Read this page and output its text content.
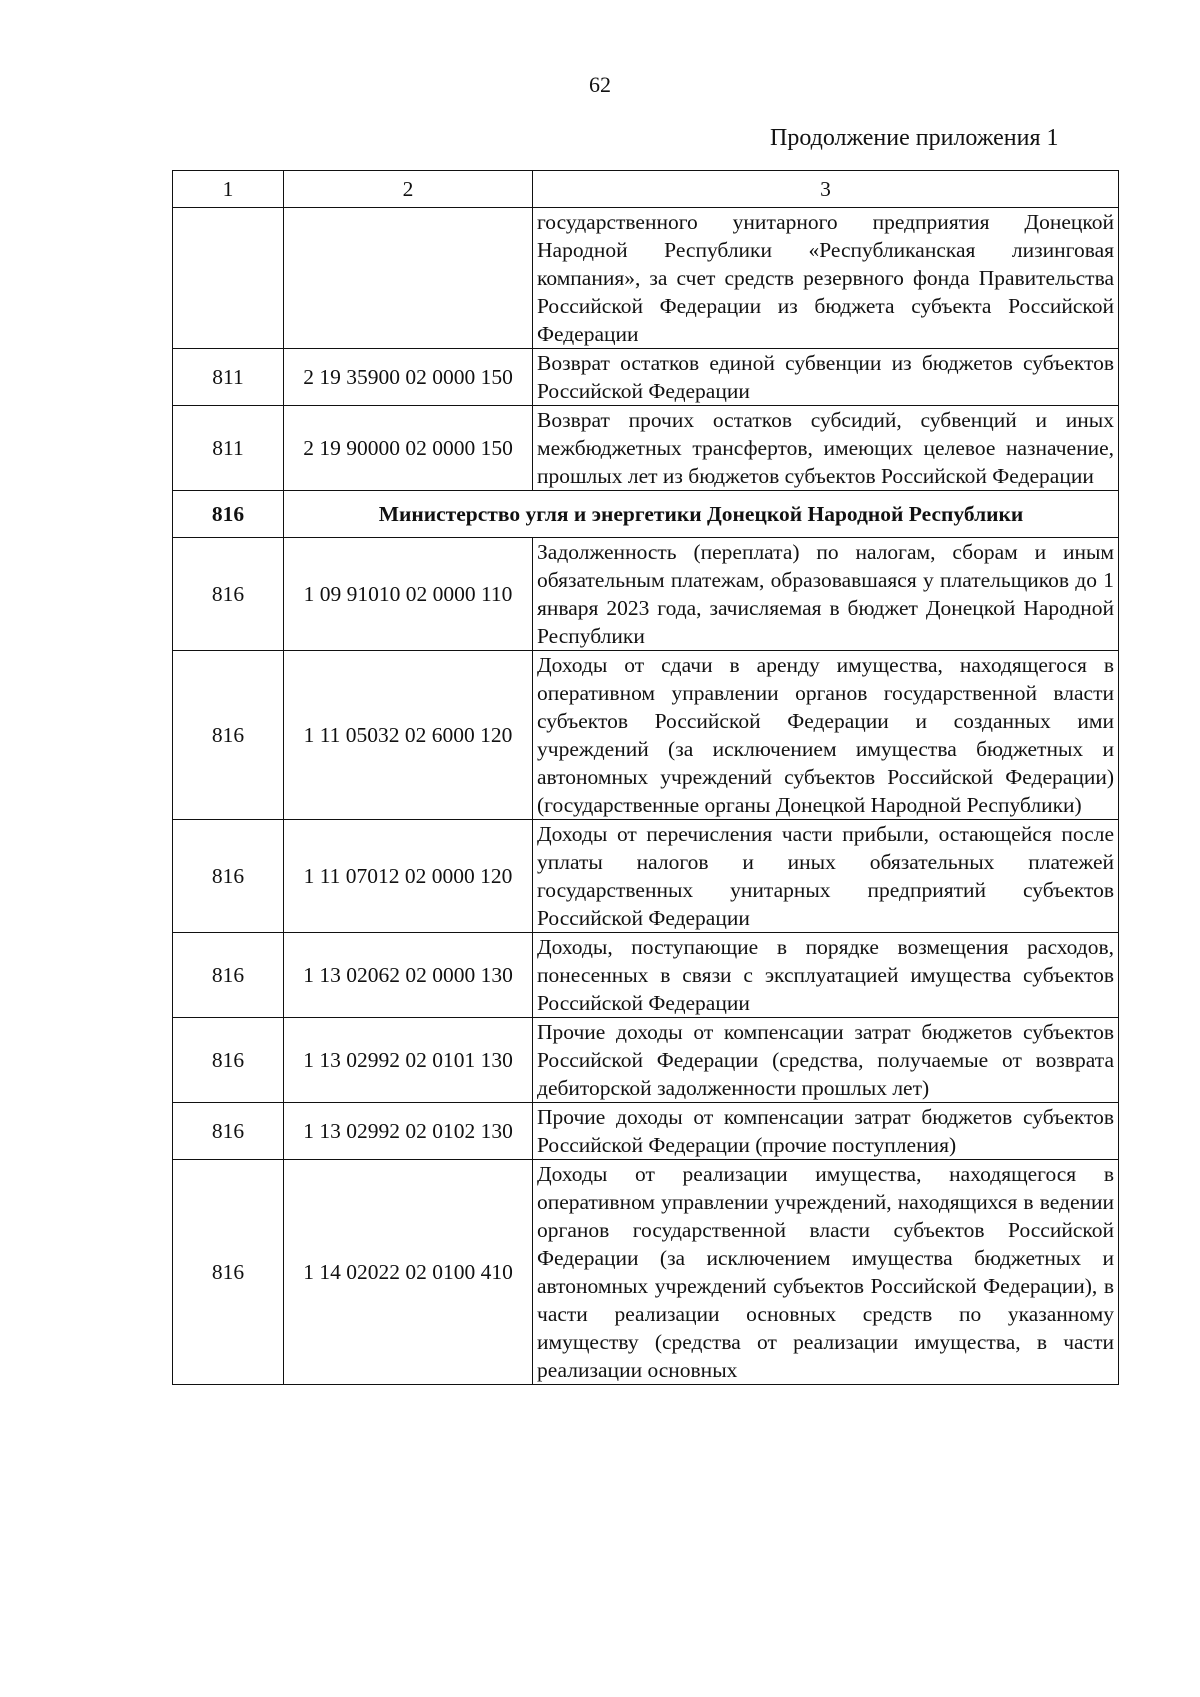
62
Продолжение приложения 1
1	2	3
		государственного унитарного предприятия Донецкой Народной Республики «Республиканская лизинговая компания», за счет средств резервного фонда Правительства Российской Федерации из бюджета субъекта Российской Федерации
811	2 19 35900 02 0000 150	Возврат остатков единой субвенции из бюджетов субъектов Российской Федерации
811	2 19 90000 02 0000 150	Возврат прочих остатков субсидий, субвенций и иных межбюджетных трансфертов, имеющих целевое назначение, прошлых лет из бюджетов субъектов Российской Федерации
816	Министерство угля и энергетики Донецкой Народной Республики	
816	1 09 91010 02 0000 110	Задолженность (переплата) по налогам, сборам и иным обязательным платежам, образовавшаяся у плательщиков до 1 января 2023 года, зачисляемая в бюджет Донецкой Народной Республики
816	1 11 05032 02 6000 120	Доходы от сдачи в аренду имущества, находящегося в оперативном управлении органов государственной власти субъектов Российской Федерации и созданных ими учреждений (за исключением имущества бюджетных и автономных учреждений субъектов Российской Федерации) (государственные органы Донецкой Народной Республики)
816	1 11 07012 02 0000 120	Доходы от перечисления части прибыли, остающейся после уплаты налогов и иных обязательных платежей государственных унитарных предприятий субъектов Российской Федерации
816	1 13 02062 02 0000 130	Доходы, поступающие в порядке возмещения расходов, понесенных в связи с эксплуатацией имущества субъектов Российской Федерации
816	1 13 02992 02 0101 130	Прочие доходы от компенсации затрат бюджетов субъектов Российской Федерации (средства, получаемые от возврата дебиторской задолженности прошлых лет)
816	1 13 02992 02 0102 130	Прочие доходы от компенсации затрат бюджетов субъектов Российской Федерации (прочие поступления)
816	1 14 02022 02 0100 410	Доходы от реализации имущества, находящегося в оперативном управлении учреждений, находящихся в ведении органов государственной власти субъектов Российской Федерации (за исключением имущества бюджетных и автономных учреждений субъектов Российской Федерации), в части реализации основных средств по указанному имуществу (средства от реализации имущества, в части реализации основных
